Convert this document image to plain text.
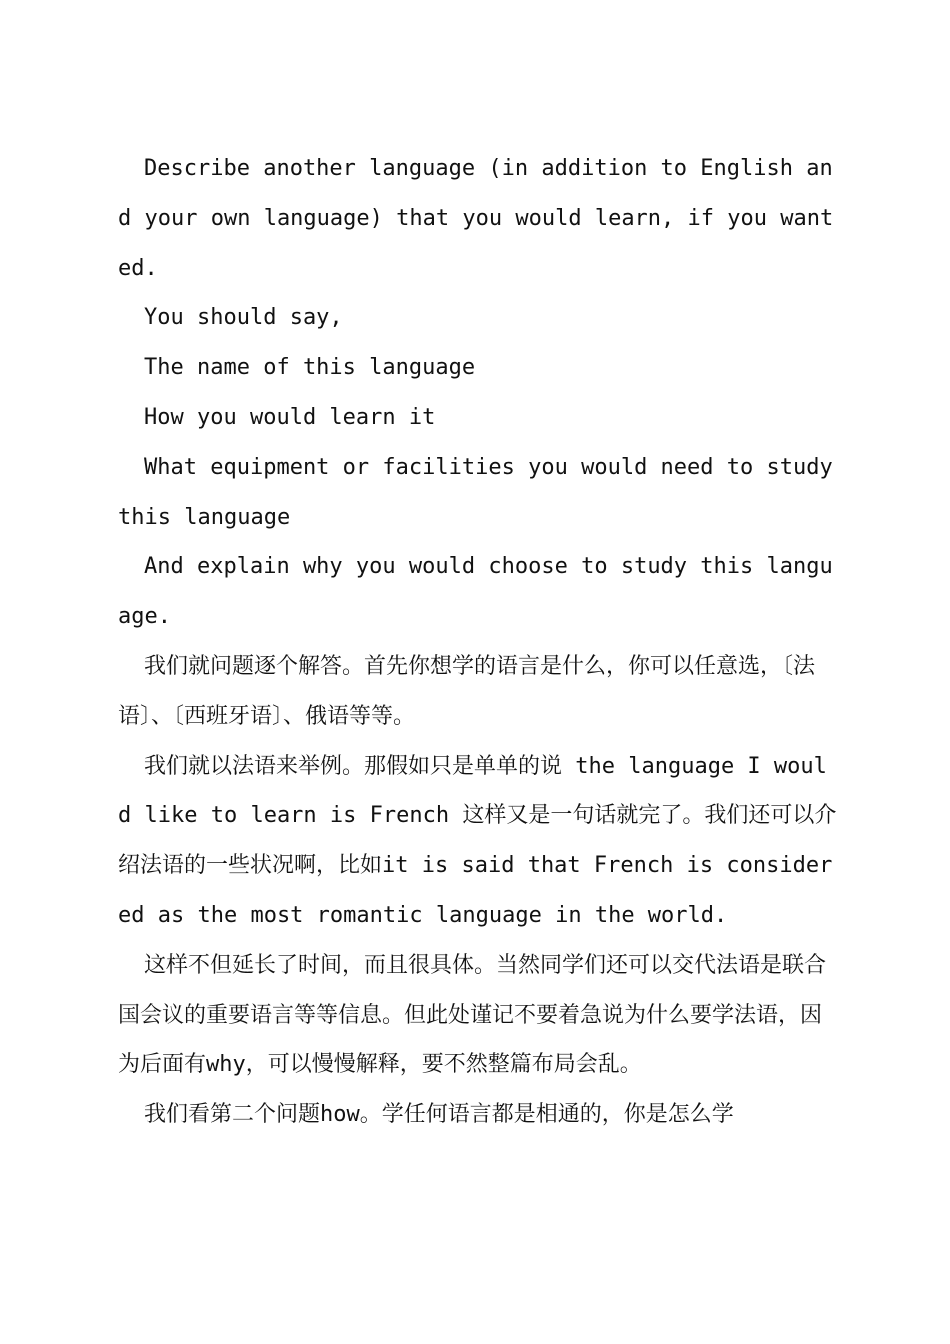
Describe another language (in addition to English and your own language) that you would learn, if you wanted.

You should say,

The name of this language

How you would learn it

What equipment or facilities you would need to study this language

And explain why you would choose to study this language.

我们就问题逐个解答。首先你想学的语言是什么，你可以任意选，〔法语〕、〔西班牙语〕、俄语等等。

我们就以法语来举例。那假如只是单单的说 the language I would like to learn is French 这样又是一句话就完了。我们还可以介绍法语的一些状况啊，比如it is said that French is considered as the most romantic language in the world.

这样不但延长了时间，而且很具体。当然同学们还可以交代法语是联合国会议的重要语言等等信息。但此处谨记不要着急说为什么要学法语，因为后面有why，可以慢慢解释，要不然整篇布局会乱。

我们看第二个问题how。学任何语言都是相通的，你是怎么学
